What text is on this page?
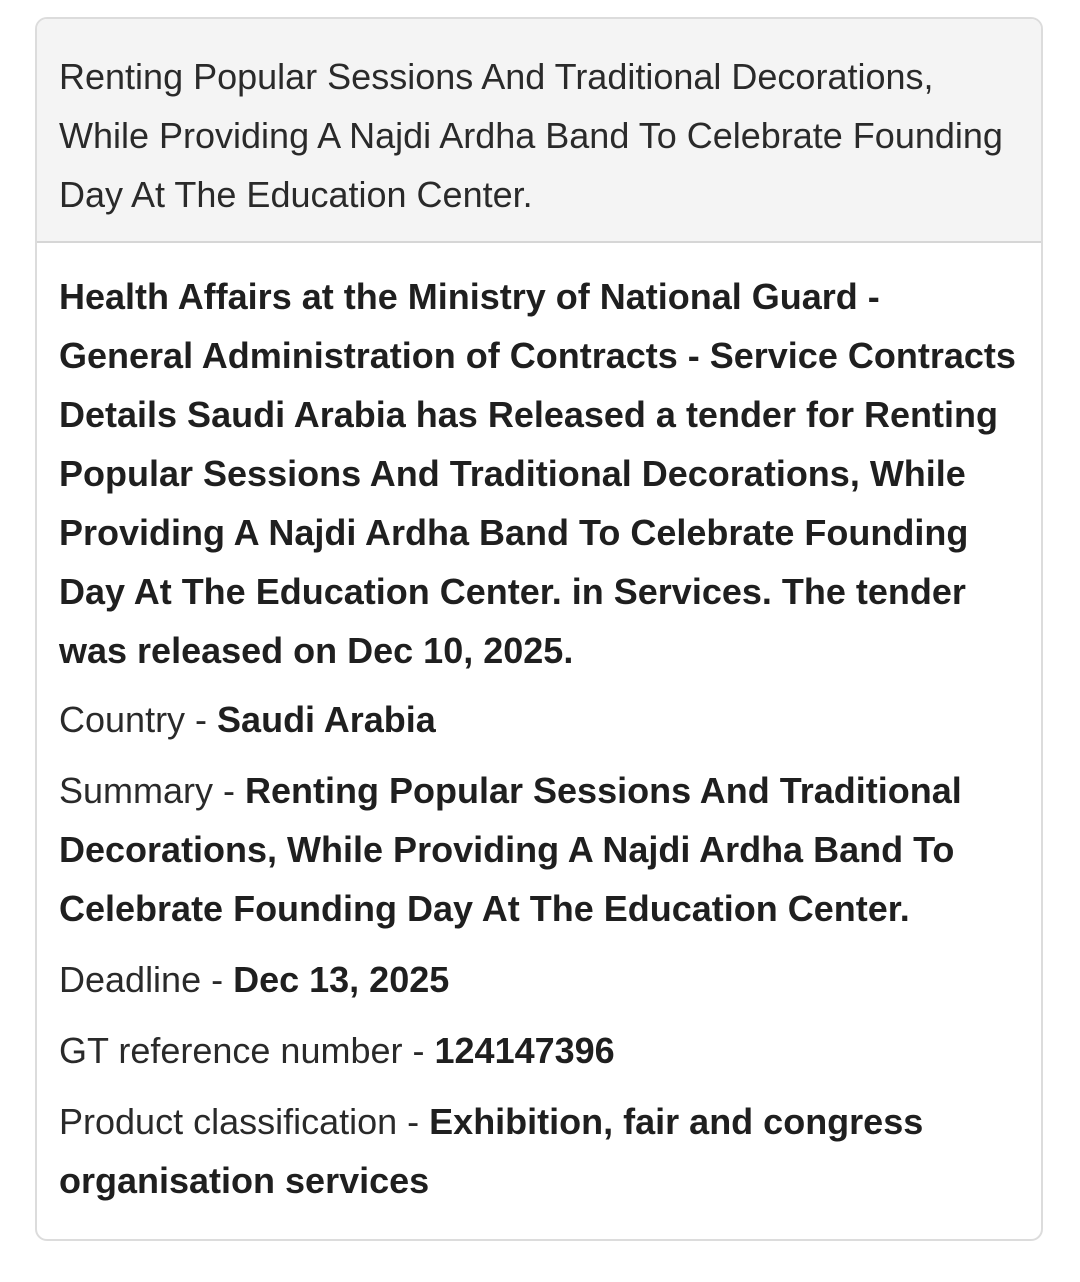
Renting Popular Sessions And Traditional Decorations, While Providing A Najdi Ardha Band To Celebrate Founding Day At The Education Center.

Health Affairs at the Ministry of National Guard - General Administration of Contracts - Service Contracts Details Saudi Arabia has Released a tender for Renting Popular Sessions And Traditional Decorations, While Providing A Najdi Ardha Band To Celebrate Founding Day At The Education Center. in Services. The tender was released on Dec 10, 2025.

Country - Saudi Arabia

Summary - Renting Popular Sessions And Traditional Decorations, While Providing A Najdi Ardha Band To Celebrate Founding Day At The Education Center.

Deadline - Dec 13, 2025

GT reference number - 124147396

Product classification - Exhibition, fair and congress organisation services
